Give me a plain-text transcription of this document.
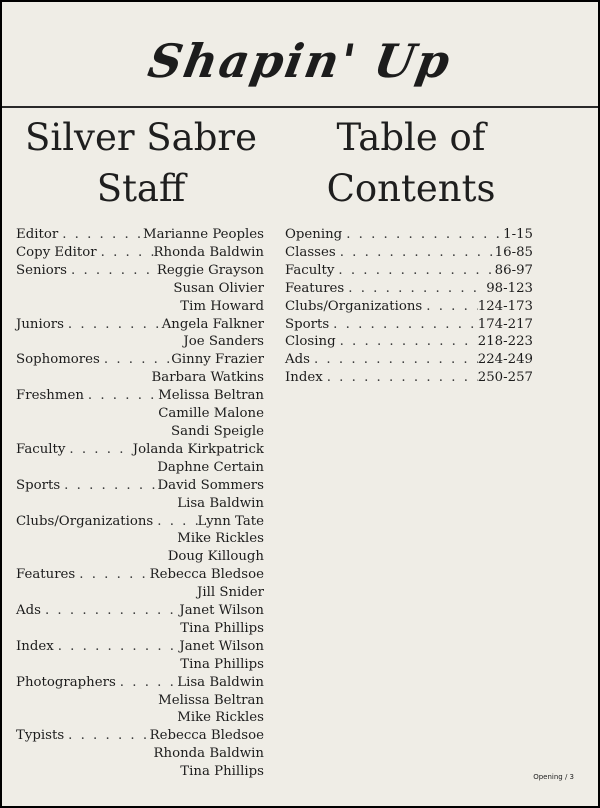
Shapin' Up
Silver Sabre
Staff
Table of
Contents
Editor . . .	Marianne Peoples
Copy Editor . . .	Rhonda Baldwin
Seniors . . .	Reggie Grayson
Susan Olivier
Tim Howard
Juniors . . .	Angela Falkner
Joe Sanders
Sophomores . . .	Ginny Frazier
Barbara Watkins
Freshmen . . .	Melissa Beltran
Camille Malone
Sandi Speigle
Faculty . . .	Jolanda Kirkpatrick
Daphne Certain
Sports . . .	David Sommers
Lisa Baldwin
Clubs/Organizations . . .	Lynn Tate
Mike Rickles
Doug Killough
Features . . .	Rebecca Bledsoe
Jill Snider
Ads . . .	Janet Wilson
Tina Phillips
Index . . .	Janet Wilson
Tina Phillips
Photographers . . .	Lisa Baldwin
Melissa Beltran
Mike Rickles
Typists . . .	Rebecca Bledsoe
Rhonda Baldwin
Tina Phillips
Opening . . .	1-15
Classes . . .	16-85
Faculty . . .	86-97
Features . . .	98-123
Clubs/Organizations . . .	124-173
Sports . . .	174-217
Closing . . .	218-223
Ads . . .	224-249
Index . . .	250-257
Opening / 3
